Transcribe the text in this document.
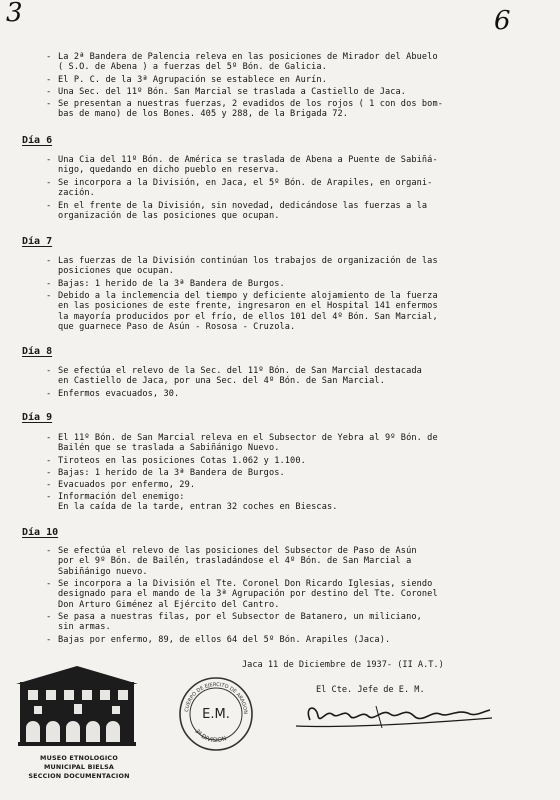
3	6
- La 2ª Bandera de Palencia releva en las posiciones de Mirador del Abuelo
( S.O. de Abena ) a fuerzas del 5º Bón. de Galicia.
- El P. C. de la 3ª Agrupación se establece en Aurín.
- Una Sec. del 11º Bón. San Marcial se traslada a Castiello de Jaca.
- Se presentan a nuestras fuerzas, 2 evadidos de los rojos ( 1 con dos bom-
bas de mano) de los Bones. 405 y 288, de la Brigada 72.
Día 6
- Una Cia del 11º Bón. de América se traslada de Abena a Puente de Sabiñá-
nigo, quedando en dicho pueblo en reserva.
- Se incorpora a la División, en Jaca, el 5º Bón. de Arapiles, en organi-
zación.
- En el frente de la División, sin novedad, dedicándose las fuerzas a la
organización de las posiciones que ocupan.
Día 7
- Las fuerzas de la División continúan los trabajos de organización de las
posiciones que ocupan.
- Bajas: 1 herido de la 3ª Bandera de Burgos.
- Debido a la inclemencia del tiempo y deficiente alojamiento de la fuerza
en las posiciones de este frente, ingresaron en el Hospital 141 enfermos
la mayoría producidos por el frío, de ellos 101 del 4º Bón. San Marcial,
que guarnece Paso de Asún - Rososa - Cruzola.
Día 8
- Se efectúa el relevo de la Sec. del 11º Bón. de San Marcial destacada
en Castiello de Jaca, por una Sec. del 4º Bón. de San Marcial.
- Enfermos evacuados, 30.
Día 9
- El 11º Bón. de San Marcial releva en el Subsector de Yebra al 9º Bón. de
Bailén que se traslada a Sabiñánigo Nuevo.
- Tiroteos en las posiciones Cotas 1.062 y 1.100.
- Bajas: 1 herido de la 3ª Bandera de Burgos.
- Evacuados por enfermo, 29.
- Información del enemigo:
En la caída de la tarde, entran 32 coches en Biescas.
Día 10
- Se efectúa el relevo de las posiciones del Subsector de Paso de Asún
por el 9º Bón. de Bailén, trasladándose el 4º Bón. de San Marcial a
Sabiñánigo nuevo.
- Se incorpora a la División el Tte. Coronel Don Ricardo Iglesias, siendo
designado para el mando de la 3ª Agrupación por destino del Tte. Coronel
Don Arturo Giménez al Ejército del Cantro.
- Se pasa a nuestras filas, por el Subsector de Batanero, un miliciano,
sin armas.
- Bajas por enfermo, 89, de ellos 64 del 5º Bón. Arapiles (Jaca).
Jaca 11 de Diciembre de 1937- (II A.T.)
El Cte. Jefe de E. M.
CUERPO DE EJERCITO DE ARAGON
3ª DIVISION
E.M.
MUSEO ETNOLOGICO
MUNICIPAL BIELSA
SECCION DOCUMENTACION
